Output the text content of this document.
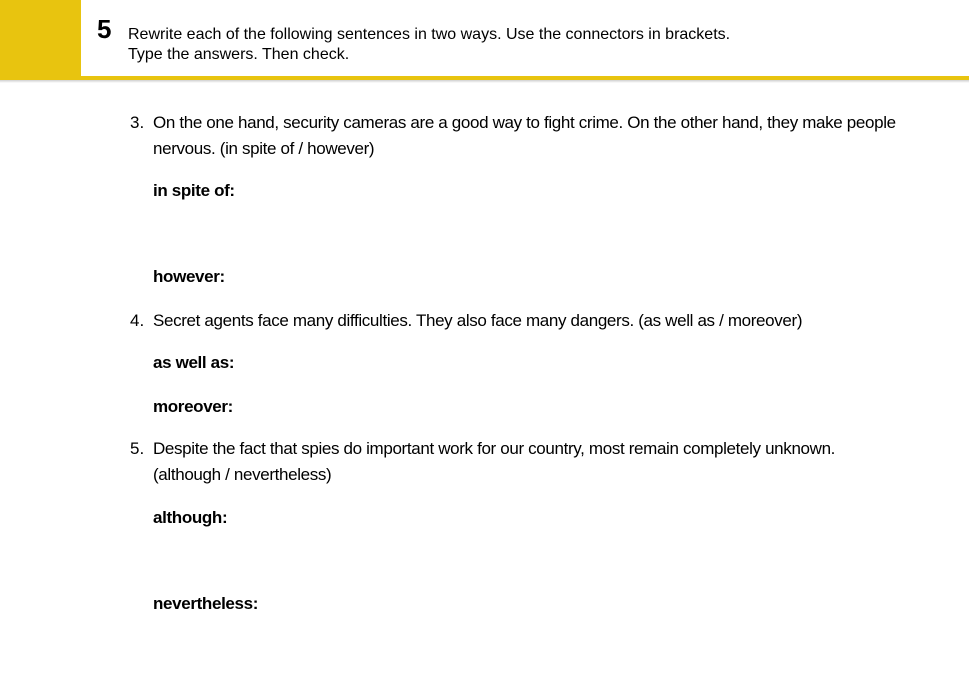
5 Rewrite each of the following sentences in two ways. Use the connectors in brackets.
Type the answers. Then check.
3. On the one hand, security cameras are a good way to fight crime. On the other hand, they make people
nervous. (in spite of / however)
in spite of:
however:
4. Secret agents face many difficulties. They also face many dangers. (as well as / moreover)
as well as:
moreover:
5. Despite the fact that spies do important work for our country, most remain completely unknown.
(although / nevertheless)
although:
nevertheless:
